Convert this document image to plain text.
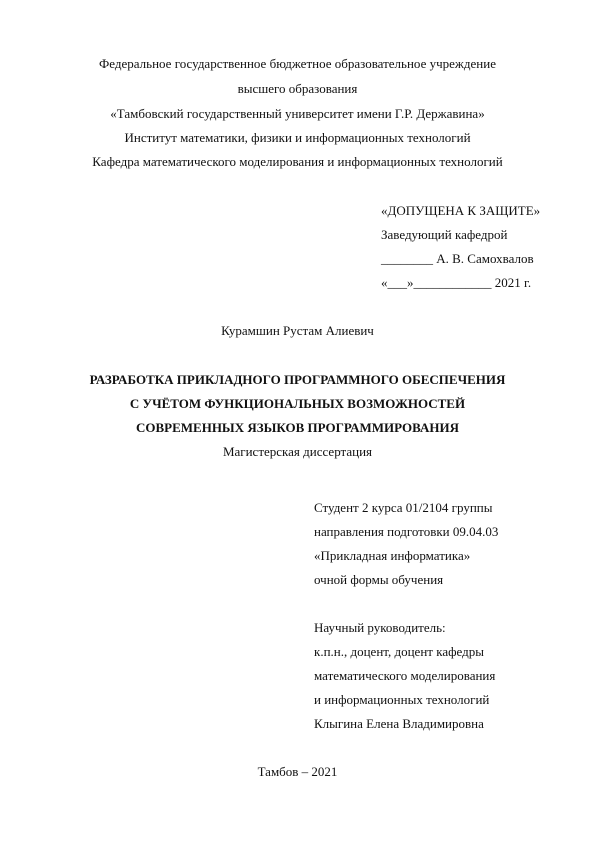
Федеральное государственное бюджетное образовательное учреждение
высшего образования
«Тамбовский государственный университет имени Г.Р. Державина»
Институт математики, физики и информационных технологий
Кафедра математического моделирования и информационных технологий
«ДОПУЩЕНА К ЗАЩИТЕ»
Заведующий кафедрой
________ А. В. Самохвалов
«___»____________ 2021 г.
Курамшин Рустам Алиевич
РАЗРАБОТКА ПРИКЛАДНОГО ПРОГРАММНОГО ОБЕСПЕЧЕНИЯ
С УЧЁТОМ ФУНКЦИОНАЛЬНЫХ ВОЗМОЖНОСТЕЙ
СОВРЕМЕННЫХ ЯЗЫКОВ ПРОГРАММИРОВАНИЯ
Магистерская диссертация
Студент 2 курса 01/2104 группы
направления подготовки 09.04.03
«Прикладная информатика»
очной формы обучения
Научный руководитель:
к.п.н., доцент, доцент кафедры
математического моделирования
и информационных технологий
Клыгина Елена Владимировна
Тамбов – 2021
